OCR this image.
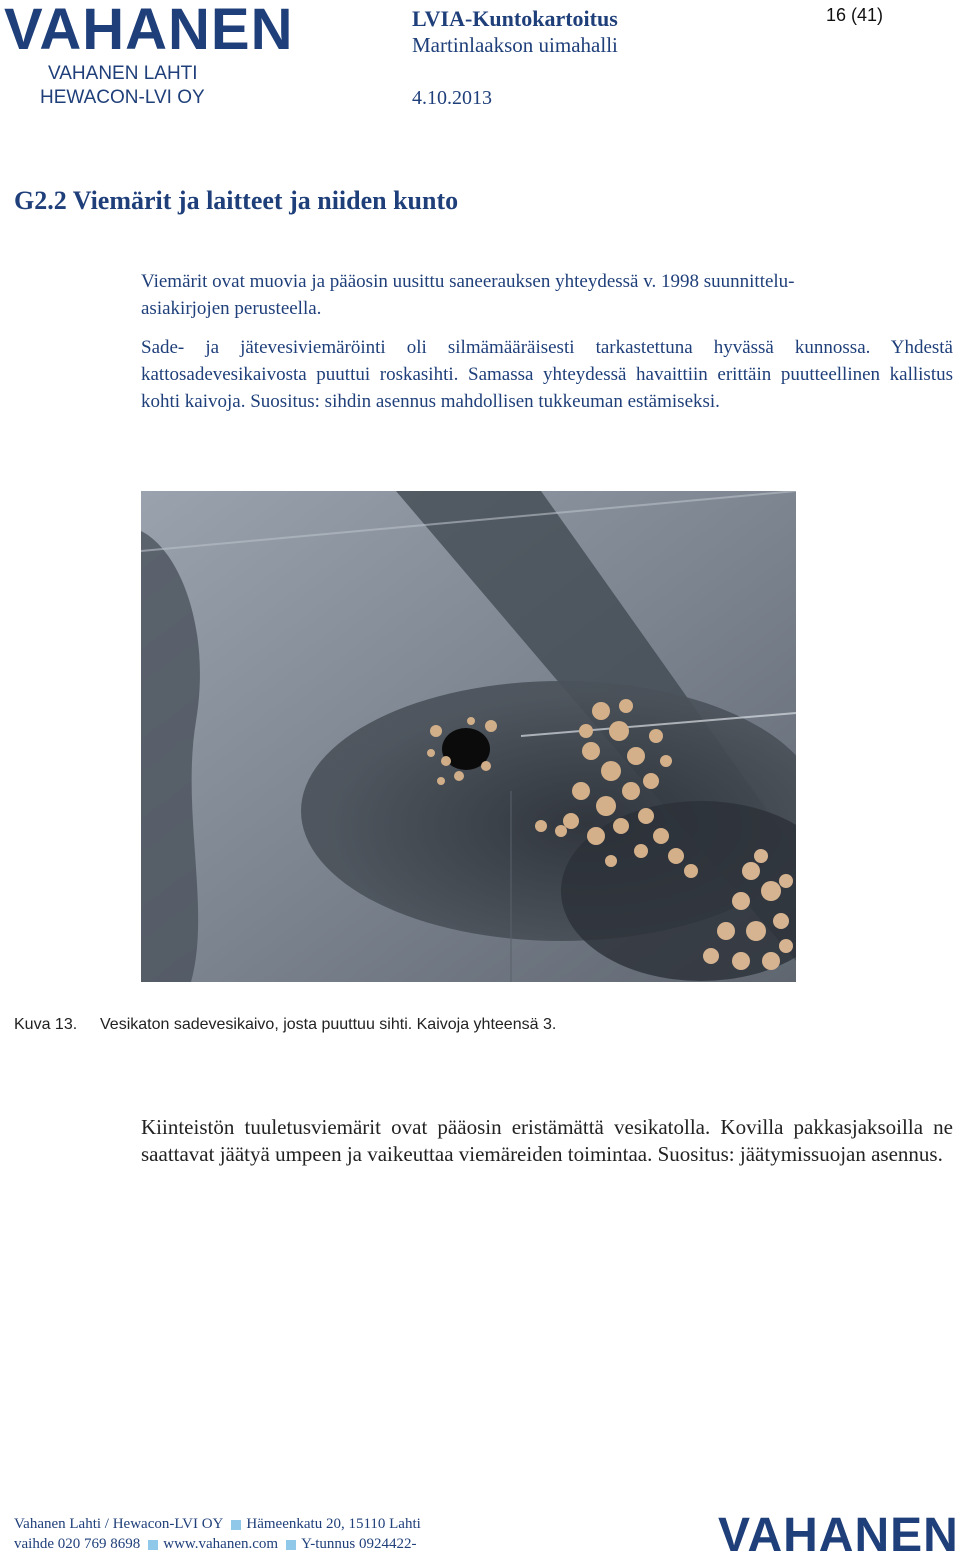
VAHANEN
VAHANEN LAHTI
HEWACON-LVI OY
LVIA-Kuntokartoitus
Martinlaakson uimahalli
4.10.2013
16 (41)
G2.2 Viemärit ja laitteet ja niiden kunto
Viemärit ovat muovia ja pääosin uusittu saneerauksen yhteydessä v. 1998 suunnittelu-
asiakirjojen perusteella.
Sade- ja jätevesiviemäröinti oli silmämääräisesti tarkastettuna hyvässä kunnossa. Yhdestä kattosadevesikaivosta puuttui roskasihti. Samassa yhteydessä havaittiin erittäin puutteellinen kallistus kohti kaivoja. Suositus: sihdin asennus mahdollisen tukkeuman estämiseksi.
Kuva 13. Vesikaton sadevesikaivo, josta puuttuu sihti. Kaivoja yhteensä 3.
Kiinteistön tuuletusviemärit ovat pääosin eristämättä vesikatolla. Kovilla pakkasjaksoilla ne saattavat jäätyä umpeen ja vaikeuttaa viemäreiden toimintaa. Suositus: jäätymissuojan asennus.
Vahanen Lahti / Hewacon-LVI OY Hämeenkatu 20, 15110 Lahti
vaihde 020 769 8698 www.vahanen.com Y-tunnus 0924422-	VAHANEN
